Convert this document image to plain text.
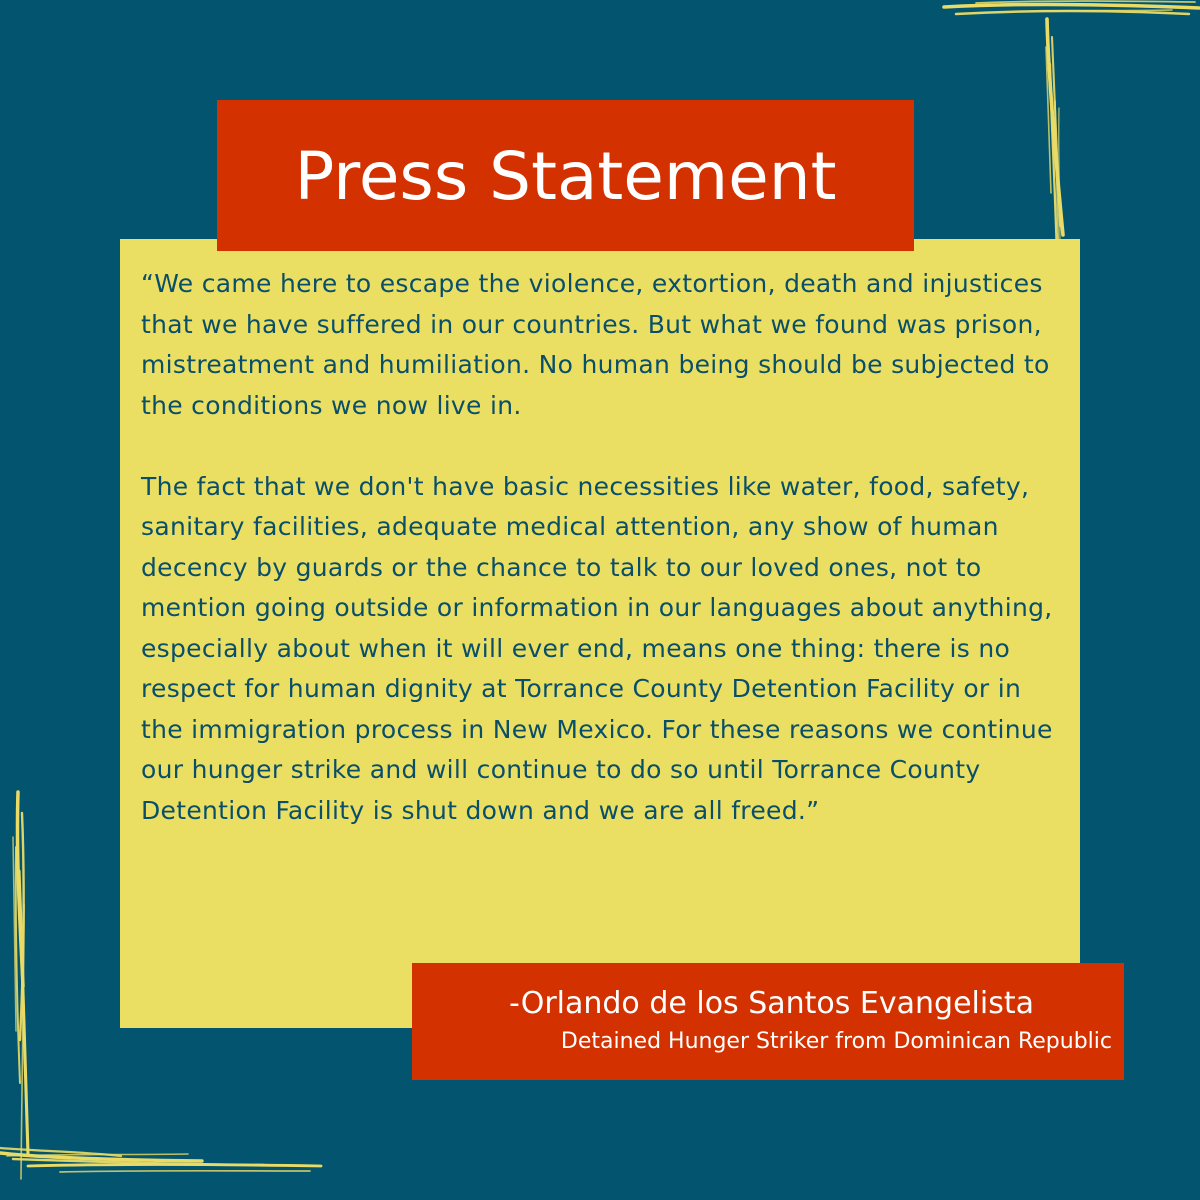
Press Statement

“We came here to escape the violence, extortion, death and injustices that we have suffered in our countries. But what we found was prison, mistreatment and humiliation. No human being should be subjected to the conditions we now live in.

The fact that we don't have basic necessities like water, food, safety, sanitary facilities, adequate medical attention, any show of human decency by guards or the chance to talk to our loved ones, not to mention going outside or information in our languages about anything, especially about when it will ever end, means one thing: there is no respect for human dignity at Torrance County Detention Facility or in the immigration process in New Mexico. For these reasons we continue our hunger strike and will continue to do so until Torrance County Detention Facility is shut down and we are all freed.”

-Orlando de los Santos Evangelista
Detained Hunger Striker from Dominican Republic
